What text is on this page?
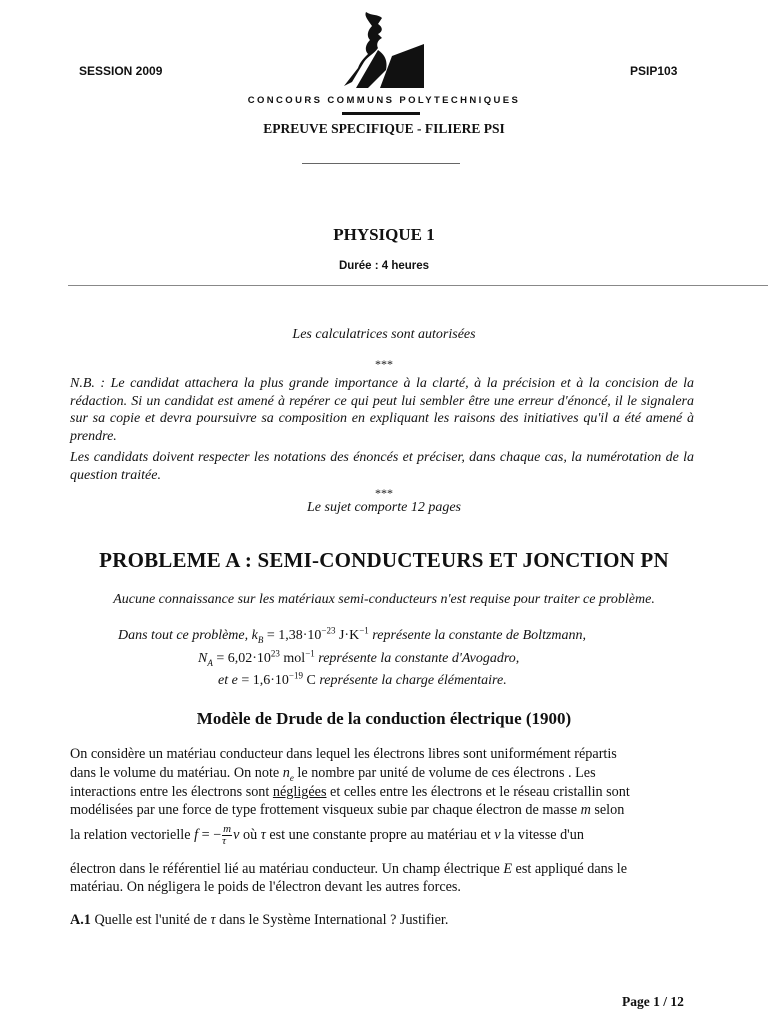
SESSION 2009	PSIP103
CONCOURS COMMUNS POLYTECHNIQUES
EPREUVE SPECIFIQUE - FILIERE PSI
PHYSIQUE 1
Durée : 4 heures
Les calculatrices sont autorisées
***
N.B. : Le candidat attachera la plus grande importance à la clarté, à la précision et à la concision de la rédaction. Si un candidat est amené à repérer ce qui peut lui sembler être une erreur d'énoncé, il le signalera sur sa copie et devra poursuivre sa composition en expliquant les raisons des initiatives qu'il a été amené à prendre.
Les candidats doivent respecter les notations des énoncés et préciser, dans chaque cas, la numérotation de la question traitée.
***
Le sujet comporte 12 pages
PROBLEME A : SEMI-CONDUCTEURS ET JONCTION PN
Aucune connaissance sur les matériaux semi-conducteurs n'est requise pour traiter ce problème.
Dans tout ce problème, $k_B = 1,38\cdot 10^{-23}$ $J\cdot K^{-1}$ représente la constante de Boltzmann,
$N_A = 6,02\cdot 10^{23}$ mol$^{-1}$ représente la constante d'Avogadro,
et $e = 1,6\cdot 10^{-19}$ C représente la charge élémentaire.
Modèle de Drude de la conduction électrique (1900)
On considère un matériau conducteur dans lequel les électrons libres sont uniformément répartis
dans le volume du matériau. On note $n_e$ le nombre par unité de volume de ces électrons . Les
interactions entre les électrons sont négligées et celles entre les électrons et le réseau cristallin sont
modélisées par une force de type frottement visqueux subie par chaque électron de masse m selon
la relation vectorielle f = − $\frac{m}{\tau}$ v où τ est une constante propre au matériau et v la vitesse d'un
électron dans le référentiel lié au matériau conducteur. Un champ électrique E est appliqué dans le
matériau. On négligera le poids de l'électron devant les autres forces.
A.1 Quelle est l'unité de τ dans le Système International ? Justifier.
Page 1 / 12
